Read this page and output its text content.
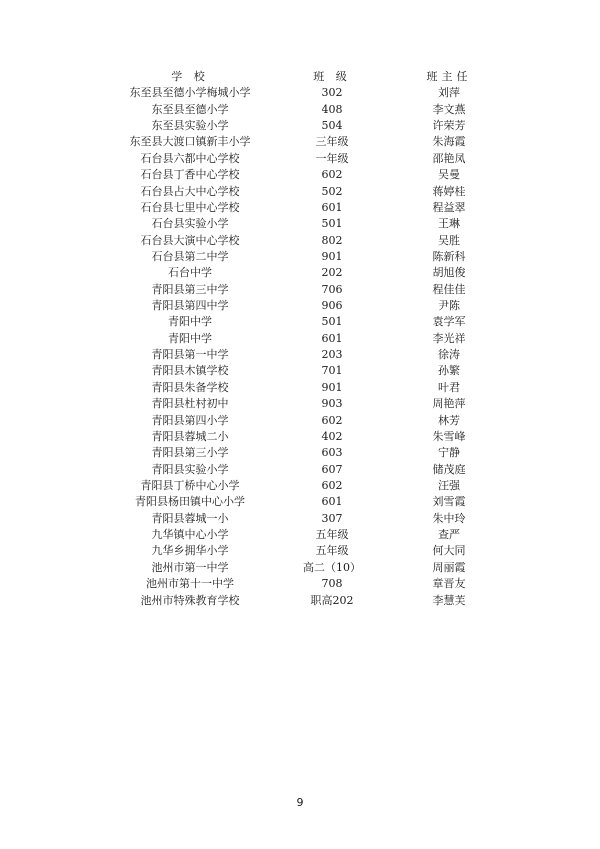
学 校	班 级	班主任
东至县至德小学梅城小学	302	刘萍
东至县至德小学	408	李文燕
东至县实验小学	504	许荣芳
东至县大渡口镇新丰小学	三年级	朱海霞
石台县六都中心学校	一年级	邵艳凤
石台县丁香中心学校	602	吴曼
石台县占大中心学校	502	蒋婷桂
石台县七里中心学校	601	程益翠
石台县实验小学	501	王琳
石台县大演中心学校	802	吴胜
石台县第二中学	901	陈新科
石台中学	202	胡旭俊
青阳县第三中学	706	程佳佳
青阳县第四中学	906	尹陈
青阳中学	501	袁学军
青阳中学	601	李光祥
青阳县第一中学	203	徐涛
青阳县木镇学校	701	孙繁
青阳县朱备学校	901	叶君
青阳县杜村初中	903	周艳萍
青阳县第四小学	602	林芳
青阳县蓉城二小	402	朱雪峰
青阳县第三小学	603	宁静
青阳县实验小学	607	储茂庭
青阳县丁桥中心小学	602	汪强
青阳县杨田镇中心小学	601	刘雪霞
青阳县蓉城一小	307	朱中玲
九华镇中心小学	五年级	查严
九华乡拥华小学	五年级	何大同
池州市第一中学	高二（10）	周丽霞
池州市第十一中学	708	章晋友
池州市特殊教育学校	职高202	李慧芙
9
